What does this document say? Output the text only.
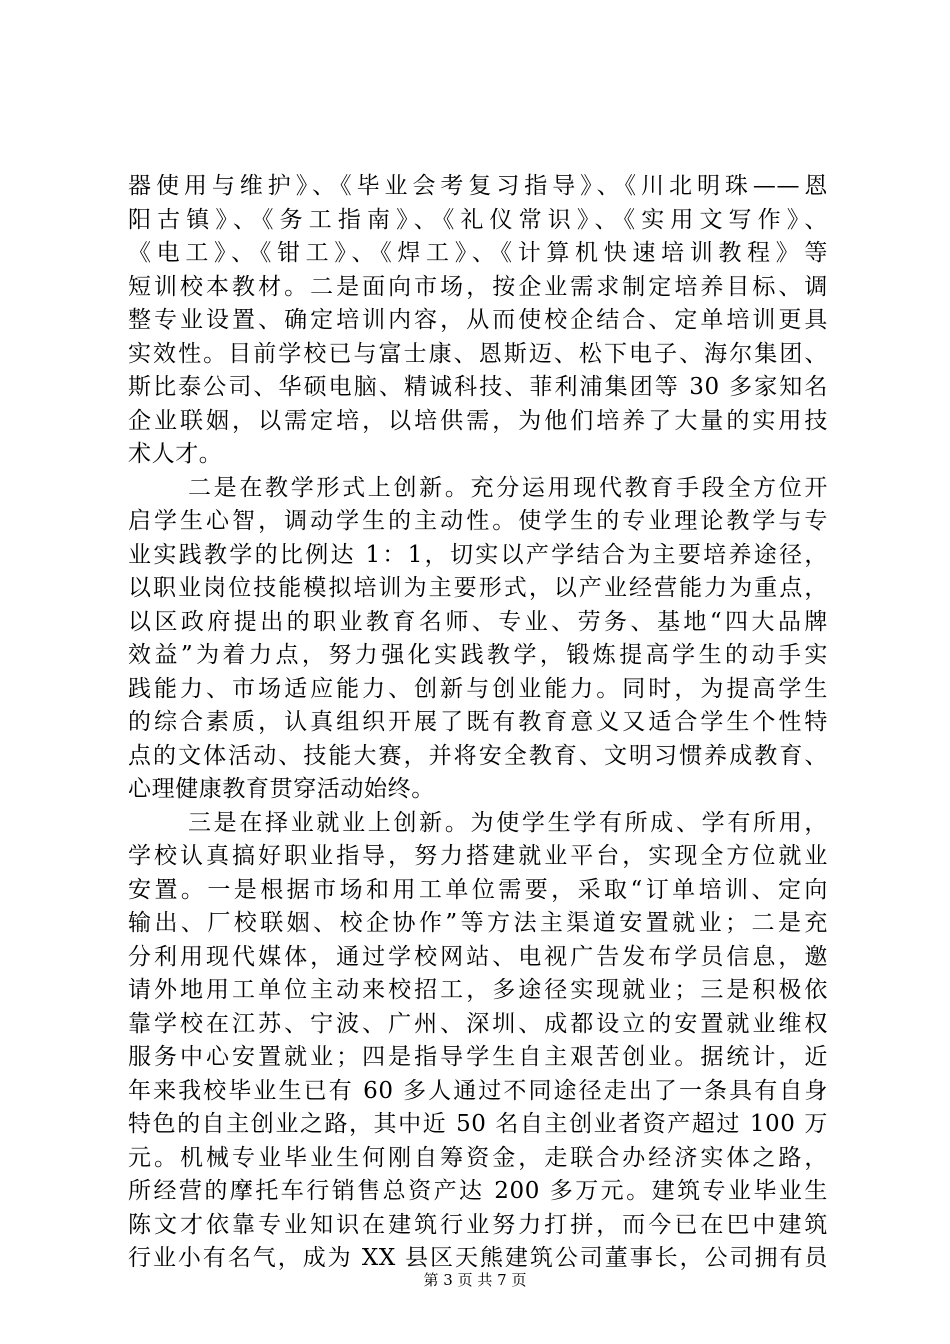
器使用与维护》、《毕业会考复习指导》、《川北明珠——恩
阳古镇》、《务工指南》、《礼仪常识》、《实用文写作》、
《电工》、《钳工》、《焊工》、《计算机快速培训教程》等
短训校本教材。二是面向市场，按企业需求制定培养目标、调
整专业设置、确定培训内容，从而使校企结合、定单培训更具
实效性。目前学校已与富士康、恩斯迈、松下电子、海尔集团、
斯比泰公司、华硕电脑、精诚科技、菲利浦集团等 30 多家知名
企业联姻，以需定培，以培供需，为他们培养了大量的实用技
术人才。
二是在教学形式上创新。充分运用现代教育手段全方位开
启学生心智，调动学生的主动性。使学生的专业理论教学与专
业实践教学的比例达 1：1，切实以产学结合为主要培养途径，
以职业岗位技能模拟培训为主要形式，以产业经营能力为重点，
以区政府提出的职业教育名师、专业、劳务、基地“四大品牌
效益”为着力点，努力强化实践教学，锻炼提高学生的动手实
践能力、市场适应能力、创新与创业能力。同时，为提高学生
的综合素质，认真组织开展了既有教育意义又适合学生个性特
点的文体活动、技能大赛，并将安全教育、文明习惯养成教育、
心理健康教育贯穿活动始终。
三是在择业就业上创新。为使学生学有所成、学有所用，
学校认真搞好职业指导，努力搭建就业平台，实现全方位就业
安置。一是根据市场和用工单位需要，采取“订单培训、定向
输出、厂校联姻、校企协作”等方法主渠道安置就业；二是充
分利用现代媒体，通过学校网站、电视广告发布学员信息，邀
请外地用工单位主动来校招工，多途径实现就业；三是积极依
靠学校在江苏、宁波、广州、深圳、成都设立的安置就业维权
服务中心安置就业；四是指导学生自主艰苦创业。据统计，近
年来我校毕业生已有 60 多人通过不同途径走出了一条具有自身
特色的自主创业之路，其中近 50 名自主创业者资产超过 100 万
元。机械专业毕业生何刚自筹资金，走联合办经济实体之路，
所经营的摩托车行销售总资产达 200 多万元。建筑专业毕业生
陈文才依靠专业知识在建筑行业努力打拼，而今已在巴中建筑
行业小有名气，成为 XX 县区天熊建筑公司董事长，公司拥有员
第 3 页 共 7 页
